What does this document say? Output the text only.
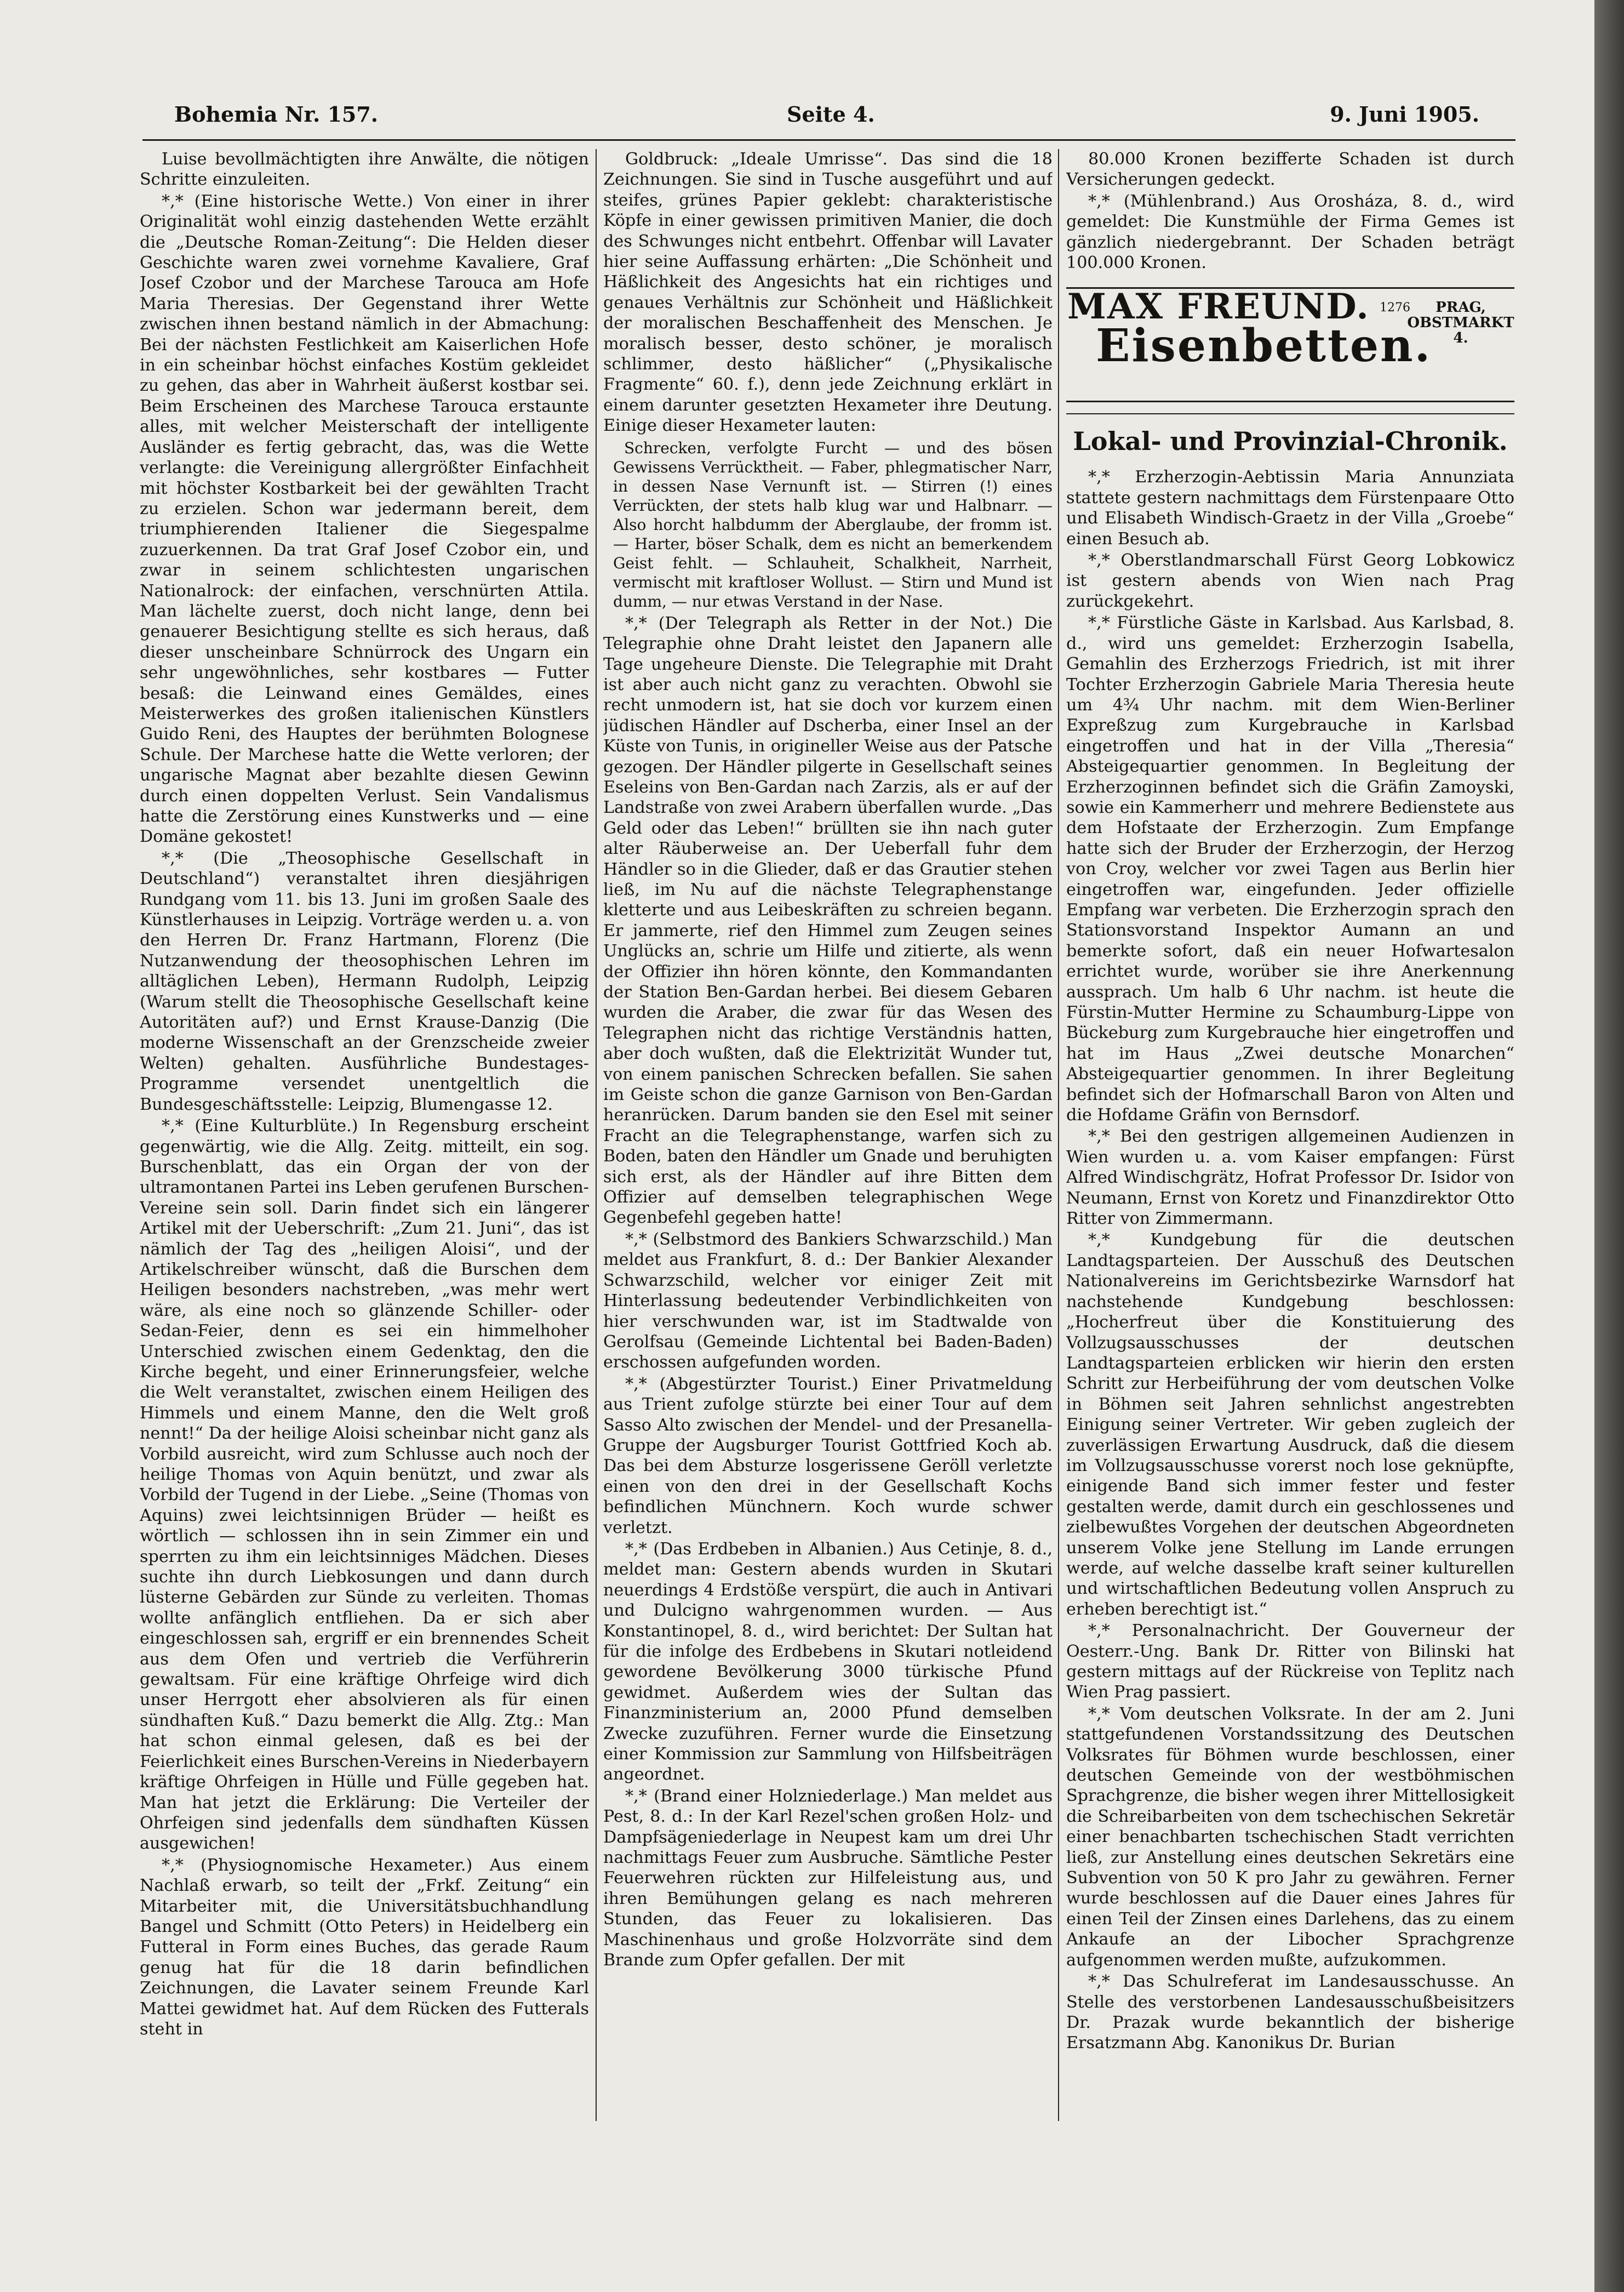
Bohemia Nr. 157.	Seite 4.	9. Juni 1905.

Luise bevollmächtigten ihre Anwälte, die nötigen Schritte einzuleiten.

*,* (Eine historische Wette.) Von einer in ihrer Originalität wohl einzig dastehenden Wette erzählt die „Deutsche Roman-Zeitung“: Die Helden dieser Geschichte waren zwei vornehme Kavaliere, Graf Josef Czobor und der Marchese Tarouca am Hofe Maria Theresias. Der Gegenstand ihrer Wette zwischen ihnen bestand nämlich in der Abmachung: Bei der nächsten Festlichkeit am Kaiserlichen Hofe in ein scheinbar höchst einfaches Kostüm gekleidet zu gehen, das aber in Wahrheit äußerst kostbar sei. Beim Erscheinen des Marchese Tarouca erstaunte alles, mit welcher Meisterschaft der intelligente Ausländer es fertig gebracht, das, was die Wette verlangte: die Vereinigung allergrößter Einfachheit mit höchster Kostbarkeit bei der gewählten Tracht zu erzielen. Schon war jedermann bereit, dem triumphierenden Italiener die Siegespalme zuzuerkennen. Da trat Graf Josef Czobor ein, und zwar in seinem schlichtesten ungarischen Nationalrock: der einfachen, verschnürten Attila. Man lächelte zuerst, doch nicht lange, denn bei genauerer Besichtigung stellte es sich heraus, daß dieser unscheinbare Schnürrock des Ungarn ein sehr ungewöhnliches, sehr kostbares — Futter besaß: die Leinwand eines Gemäldes, eines Meisterwerkes des großen italienischen Künstlers Guido Reni, des Hauptes der berühmten Bolognese Schule. Der Marchese hatte die Wette verloren; der ungarische Magnat aber bezahlte diesen Gewinn durch einen doppelten Verlust. Sein Vandalismus hatte die Zerstörung eines Kunstwerks und — eine Domäne gekostet!

*,* (Die „Theosophische Gesellschaft in Deutschland“) veranstaltet ihren diesjährigen Rundgang vom 11. bis 13. Juni im großen Saale des Künstlerhauses in Leipzig. Vorträge werden u. a. von den Herren Dr. Franz Hartmann, Florenz (Die Nutzanwendung der theosophischen Lehren im alltäglichen Leben), Hermann Rudolph, Leipzig (Warum stellt die Theosophische Gesellschaft keine Autoritäten auf?) und Ernst Krause-Danzig (Die moderne Wissenschaft an der Grenzscheide zweier Welten) gehalten. Ausführliche Bundestages-Programme versendet unentgeltlich die Bundesgeschäftsstelle: Leipzig, Blumengasse 12.

*,* (Eine Kulturblüte.) In Regensburg erscheint gegenwärtig, wie die Allg. Zeitg. mitteilt, ein sog. Burschenblatt, das ein Organ der von der ultramontanen Partei ins Leben gerufenen Burschen-Vereine sein soll. Darin findet sich ein längerer Artikel mit der Ueberschrift: „Zum 21. Juni“, das ist nämlich der Tag des „heiligen Aloisi“, und der Artikelschreiber wünscht, daß die Burschen dem Heiligen besonders nachstreben, „was mehr wert wäre, als eine noch so glänzende Schiller- oder Sedan-Feier, denn es sei ein himmelhoher Unterschied zwischen einem Gedenktag, den die Kirche begeht, und einer Erinnerungsfeier, welche die Welt veranstaltet, zwischen einem Heiligen des Himmels und einem Manne, den die Welt groß nennt!“ Da der heilige Aloisi scheinbar nicht ganz als Vorbild ausreicht, wird zum Schlusse auch noch der heilige Thomas von Aquin benützt, und zwar als Vorbild der Tugend in der Liebe. „Seine (Thomas von Aquins) zwei leichtsinnigen Brüder — heißt es wörtlich — schlossen ihn in sein Zimmer ein und sperrten zu ihm ein leichtsinniges Mädchen. Dieses suchte ihn durch Liebkosungen und dann durch lüsterne Gebärden zur Sünde zu verleiten. Thomas wollte anfänglich entfliehen. Da er sich aber eingeschlossen sah, ergriff er ein brennendes Scheit aus dem Ofen und vertrieb die Verführerin gewaltsam. Für eine kräftige Ohrfeige wird dich unser Herrgott eher absolvieren als für einen sündhaften Kuß.“ Dazu bemerkt die Allg. Ztg.: Man hat schon einmal gelesen, daß es bei der Feierlichkeit eines Burschen-Vereins in Niederbayern kräftige Ohrfeigen in Hülle und Fülle gegeben hat. Man hat jetzt die Erklärung: Die Verteiler der Ohrfeigen sind jedenfalls dem sündhaften Küssen ausgewichen!

*,* (Physiognomische Hexameter.) Aus einem Nachlaß erwarb, so teilt der „Frkf. Zeitung“ ein Mitarbeiter mit, die Universitätsbuchhandlung Bangel und Schmitt (Otto Peters) in Heidelberg ein Futteral in Form eines Buches, das gerade Raum genug hat für die 18 darin befindlichen Zeichnungen, die Lavater seinem Freunde Karl Mattei gewidmet hat. Auf dem Rücken des Futterals steht in

Goldbruck: „Ideale Umrisse“. Das sind die 18 Zeichnungen. Sie sind in Tusche ausgeführt und auf steifes, grünes Papier geklebt: charakteristische Köpfe in einer gewissen primitiven Manier, die doch des Schwunges nicht entbehrt. Offenbar will Lavater hier seine Auffassung erhärten: „Die Schönheit und Häßlichkeit des Angesichts hat ein richtiges und genaues Verhältnis zur Schönheit und Häßlichkeit der moralischen Beschaffenheit des Menschen. Je moralisch besser, desto schöner, je moralisch schlimmer, desto häßlicher“ („Physikalische Fragmente“ 60. f.), denn jede Zeichnung erklärt in einem darunter gesetzten Hexameter ihre Deutung. Einige dieser Hexameter lauten:

Schrecken, verfolgte Furcht — und des bösen Gewissens Verrücktheit. — Faber, phlegmatischer Narr, in dessen Nase Vernunft ist. — Stirren (!) eines Verrückten, der stets halb klug war und Halbnarr. — Also horcht halbdumm der Aberglaube, der fromm ist. — Harter, böser Schalk, dem es nicht an bemerkendem Geist fehlt. — Schlauheit, Schalkheit, Narrheit, vermischt mit kraftloser Wollust. — Stirn und Mund ist dumm, — nur etwas Verstand in der Nase.

*,* (Der Telegraph als Retter in der Not.) Die Telegraphie ohne Draht leistet den Japanern alle Tage ungeheure Dienste. Die Telegraphie mit Draht ist aber auch nicht ganz zu verachten. Obwohl sie recht unmodern ist, hat sie doch vor kurzem einen jüdischen Händler auf Dscherba, einer Insel an der Küste von Tunis, in origineller Weise aus der Patsche gezogen. Der Händler pilgerte in Gesellschaft seines Eseleins von Ben-Gardan nach Zarzis, als er auf der Landstraße von zwei Arabern überfallen wurde. „Das Geld oder das Leben!“ brüllten sie ihn nach guter alter Räuberweise an. Der Ueberfall fuhr dem Händler so in die Glieder, daß er das Grautier stehen ließ, im Nu auf die nächste Telegraphenstange kletterte und aus Leibeskräften zu schreien begann. Er jammerte, rief den Himmel zum Zeugen seines Unglücks an, schrie um Hilfe und zitierte, als wenn der Offizier ihn hören könnte, den Kommandanten der Station Ben-Gardan herbei. Bei diesem Gebaren wurden die Araber, die zwar für das Wesen des Telegraphen nicht das richtige Verständnis hatten, aber doch wußten, daß die Elektrizität Wunder tut, von einem panischen Schrecken befallen. Sie sahen im Geiste schon die ganze Garnison von Ben-Gardan heranrücken. Darum banden sie den Esel mit seiner Fracht an die Telegraphenstange, warfen sich zu Boden, baten den Händler um Gnade und beruhigten sich erst, als der Händler auf ihre Bitten dem Offizier auf demselben telegraphischen Wege Gegenbefehl gegeben hatte!

*,* (Selbstmord des Bankiers Schwarzschild.) Man meldet aus Frankfurt, 8. d.: Der Bankier Alexander Schwarzschild, welcher vor einiger Zeit mit Hinterlassung bedeutender Verbindlichkeiten von hier verschwunden war, ist im Stadtwalde von Gerolfsau (Gemeinde Lichtental bei Baden-Baden) erschossen aufgefunden worden.

*,* (Abgestürzter Tourist.) Einer Privatmeldung aus Trient zufolge stürzte bei einer Tour auf dem Sasso Alto zwischen der Mendel- und der Presanella-Gruppe der Augsburger Tourist Gottfried Koch ab. Das bei dem Absturze losgerissene Geröll verletzte einen von den drei in der Gesellschaft Kochs befindlichen Münchnern. Koch wurde schwer verletzt.

*,* (Das Erdbeben in Albanien.) Aus Cetinje, 8. d., meldet man: Gestern abends wurden in Skutari neuerdings 4 Erdstöße verspürt, die auch in Antivari und Dulcigno wahrgenommen wurden. — Aus Konstantinopel, 8. d., wird berichtet: Der Sultan hat für die infolge des Erdbebens in Skutari notleidend gewordene Bevölkerung 3000 türkische Pfund gewidmet. Außerdem wies der Sultan das Finanzministerium an, 2000 Pfund demselben Zwecke zuzuführen. Ferner wurde die Einsetzung einer Kommission zur Sammlung von Hilfsbeiträgen angeordnet.

*,* (Brand einer Holzniederlage.) Man meldet aus Pest, 8. d.: In der Karl Rezel'schen großen Holz- und Dampfsägeniederlage in Neupest kam um drei Uhr nachmittags Feuer zum Ausbruche. Sämtliche Pester Feuerwehren rückten zur Hilfeleistung aus, und ihren Bemühungen gelang es nach mehreren Stunden, das Feuer zu lokalisieren. Das Maschinenhaus und große Holzvorräte sind dem Brande zum Opfer gefallen. Der mit

80.000 Kronen bezifferte Schaden ist durch Versicherungen gedeckt.

*,* (Mühlenbrand.) Aus Orosháza, 8. d., wird gemeldet: Die Kunstmühle der Firma Gemes ist gänzlich niedergebrannt. Der Schaden beträgt 100.000 Kronen.

MAX FREUND. 1276	PRAG,
OBSTMARKT 4.
Eisenbetten.
Lokal- und Provinzial-Chronik.

*,* Erzherzogin-Aebtissin Maria Annunziata stattete gestern nachmittags dem Fürstenpaare Otto und Elisabeth Windisch-Graetz in der Villa „Groebe“ einen Besuch ab.

*,* Oberstlandmarschall Fürst Georg Lobkowicz ist gestern abends von Wien nach Prag zurückgekehrt.

*,* Fürstliche Gäste in Karlsbad. Aus Karlsbad, 8. d., wird uns gemeldet: Erzherzogin Isabella, Gemahlin des Erzherzogs Friedrich, ist mit ihrer Tochter Erzherzogin Gabriele Maria Theresia heute um 4¾ Uhr nachm. mit dem Wien-Berliner Expreßzug zum Kurgebrauche in Karlsbad eingetroffen und hat in der Villa „Theresia“ Absteigequartier genommen. In Begleitung der Erzherzoginnen befindet sich die Gräfin Zamoyski, sowie ein Kammerherr und mehrere Bedienstete aus dem Hofstaate der Erzherzogin. Zum Empfange hatte sich der Bruder der Erzherzogin, der Herzog von Croy, welcher vor zwei Tagen aus Berlin hier eingetroffen war, eingefunden. Jeder offizielle Empfang war verbeten. Die Erzherzogin sprach den Stationsvorstand Inspektor Aumann an und bemerkte sofort, daß ein neuer Hofwartesalon errichtet wurde, worüber sie ihre Anerkennung aussprach. Um halb 6 Uhr nachm. ist heute die Fürstin-Mutter Hermine zu Schaumburg-Lippe von Bückeburg zum Kurgebrauche hier eingetroffen und hat im Haus „Zwei deutsche Monarchen“ Absteigequartier genommen. In ihrer Begleitung befindet sich der Hofmarschall Baron von Alten und die Hofdame Gräfin von Bernsdorf.

*,* Bei den gestrigen allgemeinen Audienzen in Wien wurden u. a. vom Kaiser empfangen: Fürst Alfred Windischgrätz, Hofrat Professor Dr. Isidor von Neumann, Ernst von Koretz und Finanzdirektor Otto Ritter von Zimmermann.

*,* Kundgebung für die deutschen Landtagsparteien. Der Ausschuß des Deutschen Nationalvereins im Gerichtsbezirke Warnsdorf hat nachstehende Kundgebung beschlossen: „Hocherfreut über die Konstituierung des Vollzugsausschusses der deutschen Landtagsparteien erblicken wir hierin den ersten Schritt zur Herbeiführung der vom deutschen Volke in Böhmen seit Jahren sehnlichst angestrebten Einigung seiner Vertreter. Wir geben zugleich der zuverlässigen Erwartung Ausdruck, daß die diesem im Vollzugsausschusse vorerst noch lose geknüpfte, einigende Band sich immer fester und fester gestalten werde, damit durch ein geschlossenes und zielbewußtes Vorgehen der deutschen Abgeordneten unserem Volke jene Stellung im Lande errungen werde, auf welche dasselbe kraft seiner kulturellen und wirtschaftlichen Bedeutung vollen Anspruch zu erheben berechtigt ist.“

*,* Personalnachricht. Der Gouverneur der Oesterr.-Ung. Bank Dr. Ritter von Bilinski hat gestern mittags auf der Rückreise von Teplitz nach Wien Prag passiert.

*,* Vom deutschen Volksrate. In der am 2. Juni stattgefundenen Vorstandssitzung des Deutschen Volksrates für Böhmen wurde beschlossen, einer deutschen Gemeinde von der westböhmischen Sprachgrenze, die bisher wegen ihrer Mittellosigkeit die Schreibarbeiten von dem tschechischen Sekretär einer benachbarten tschechischen Stadt verrichten ließ, zur Anstellung eines deutschen Sekretärs eine Subvention von 50 K pro Jahr zu gewähren. Ferner wurde beschlossen auf die Dauer eines Jahres für einen Teil der Zinsen eines Darlehens, das zu einem Ankaufe an der Libocher Sprachgrenze aufgenommen werden mußte, aufzukommen.

*,* Das Schulreferat im Landesausschusse. An Stelle des verstorbenen Landesausschußbeisitzers Dr. Prazak wurde bekanntlich der bisherige Ersatzmann Abg. Kanonikus Dr. Burian
